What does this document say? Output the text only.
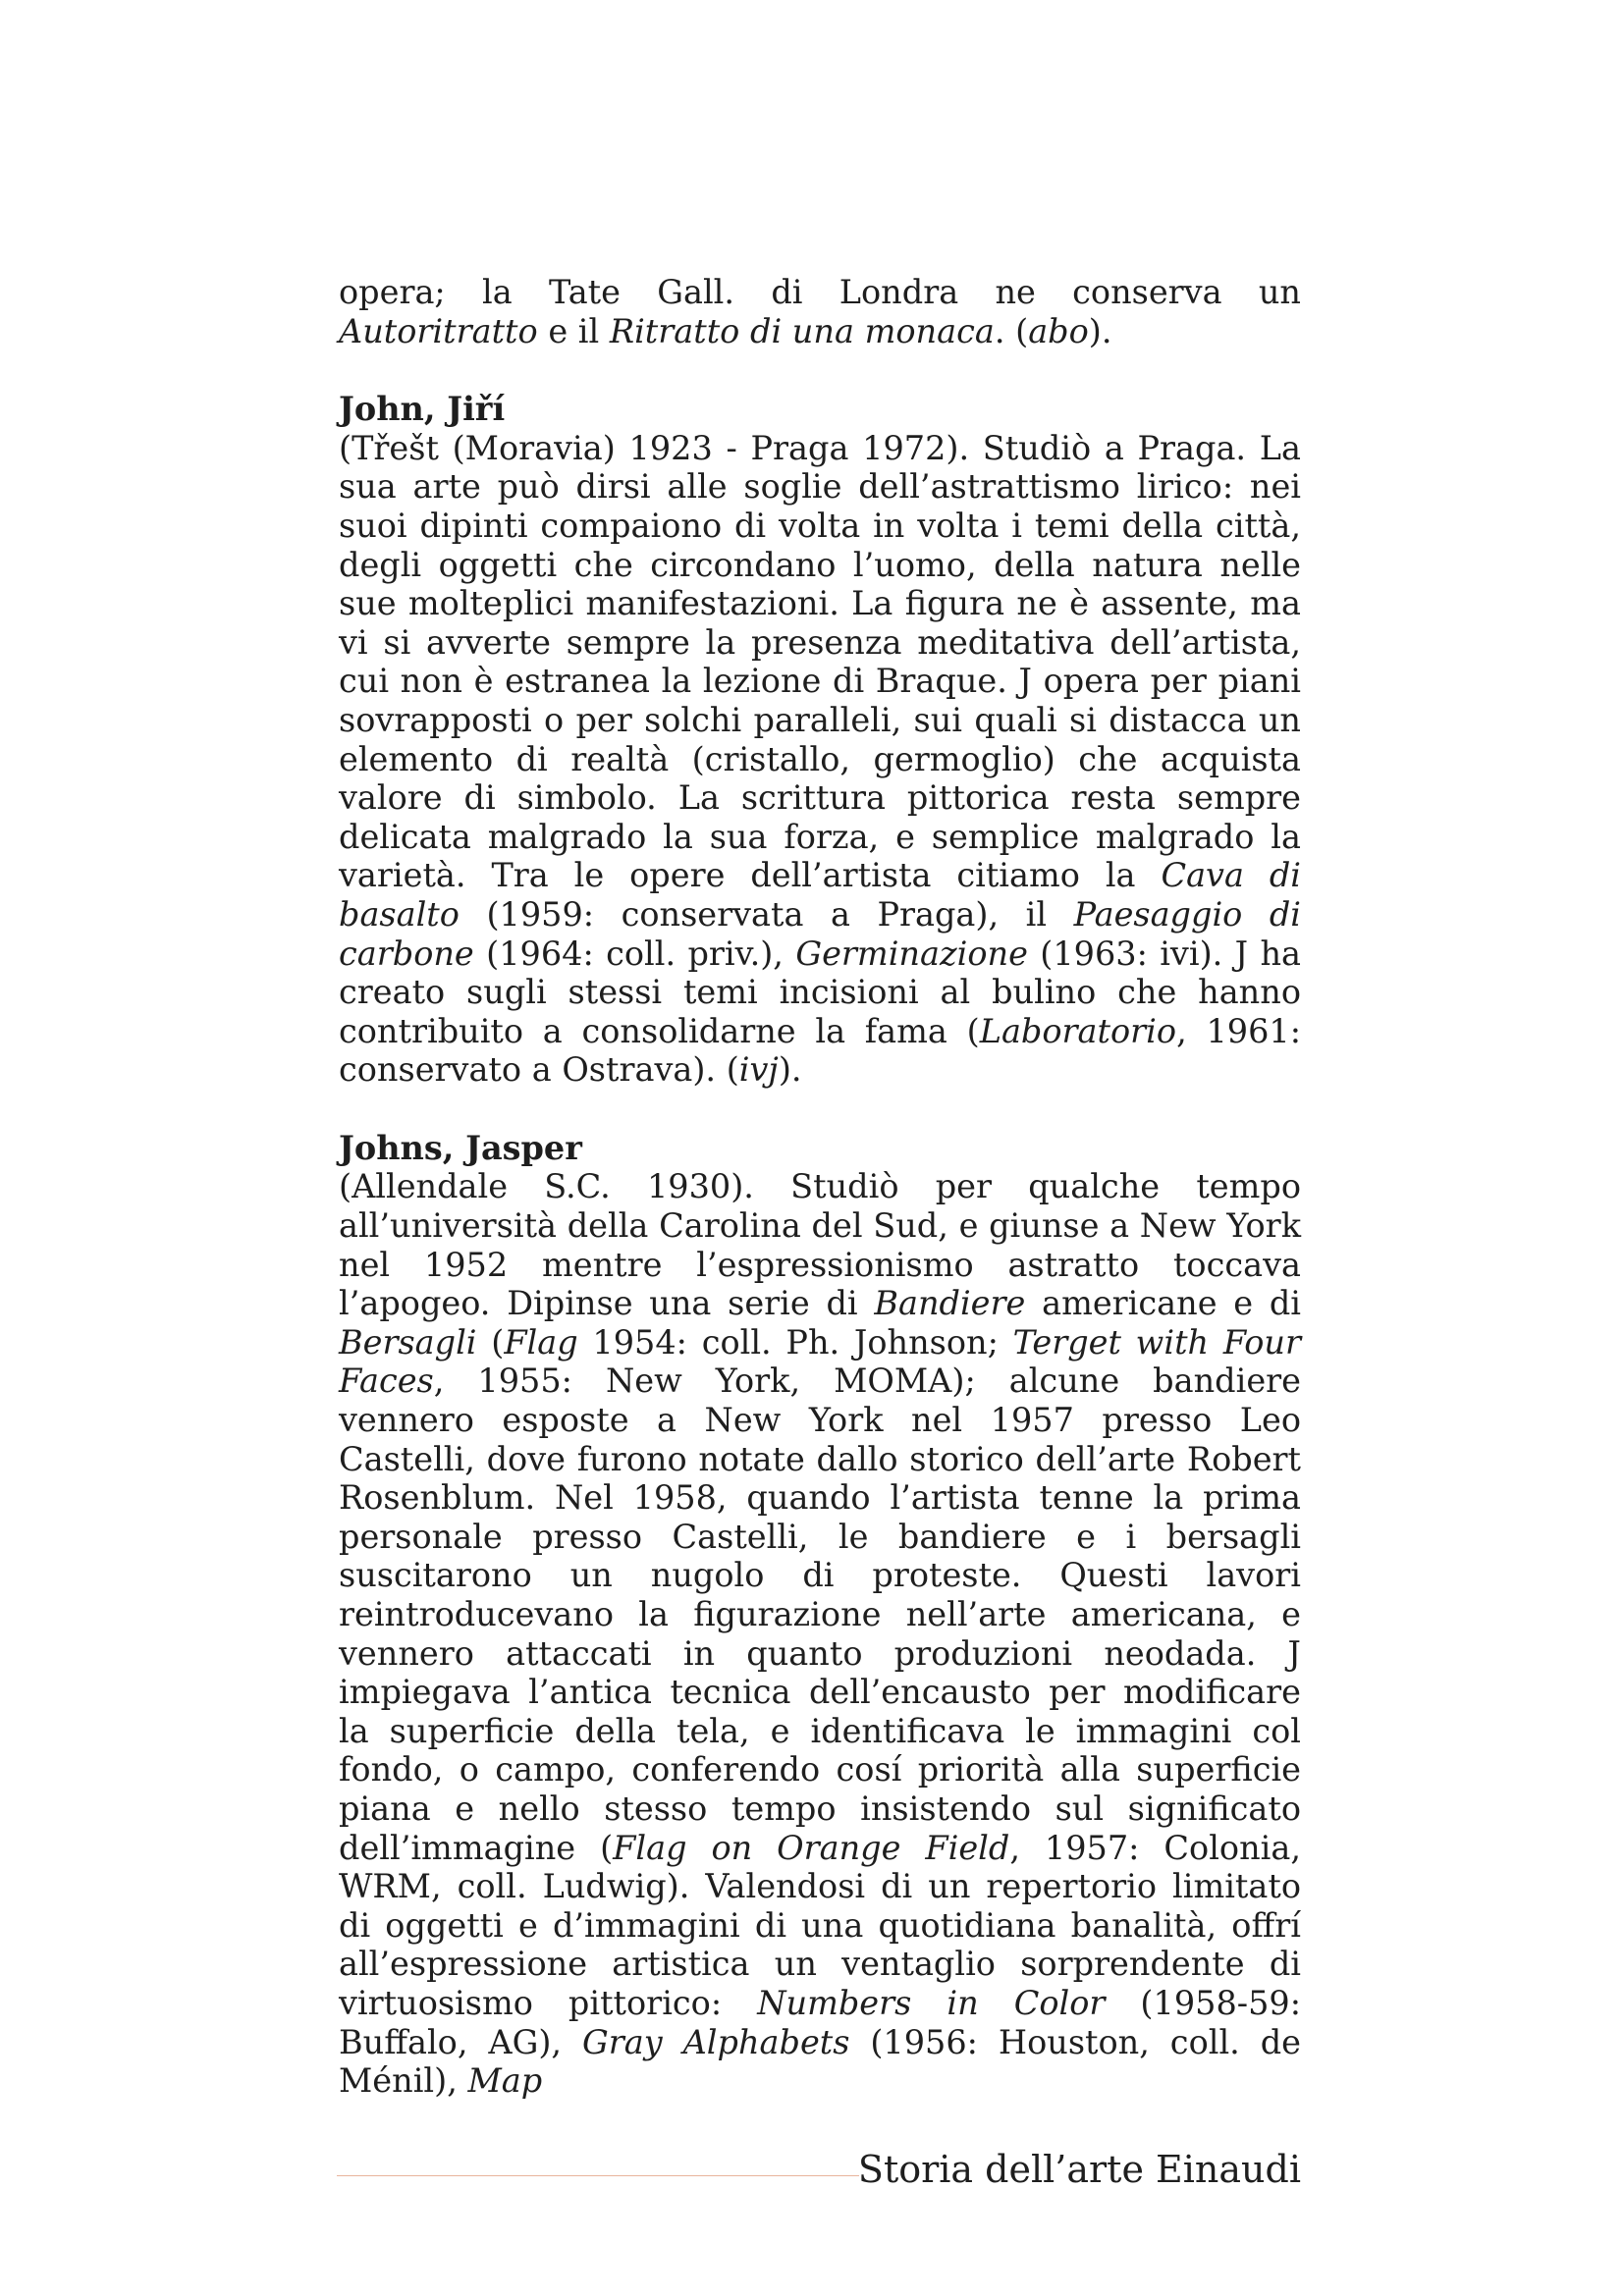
opera; la Tate Gall. di Londra ne conserva un Autoritratto e il Ritratto di una monaca. (abo).

John, Jiří

(Třešt (Moravia) 1923 - Praga 1972). Studiò a Praga. La sua arte può dirsi alle soglie dell’astrattismo lirico: nei suoi dipinti compaiono di volta in volta i temi della città, degli oggetti che circondano l’uomo, della natura nelle sue molteplici manifestazioni. La figura ne è assente, ma vi si avverte sempre la presenza meditativa dell’artista, cui non è estranea la lezione di Braque. J opera per piani sovrapposti o per solchi paralleli, sui quali si distacca un elemento di realtà (cristallo, germoglio) che acquista valore di simbolo. La scrittura pittorica resta sempre delicata malgrado la sua forza, e semplice malgrado la varietà. Tra le opere dell’artista citiamo la Cava di basalto (1959: conservata a Praga), il Paesaggio di carbone (1964: coll. priv.), Germinazione (1963: ivi). J ha creato sugli stessi temi incisioni al bulino che hanno contribuito a consolidarne la fama (Laboratorio, 1961: conservato a Ostrava). (ivj).

Johns, Jasper

(Allendale S.C. 1930). Studiò per qualche tempo all’università della Carolina del Sud, e giunse a New York nel 1952 mentre l’espressionismo astratto toccava l’apogeo. Dipinse una serie di Bandiere americane e di Bersagli (Flag 1954: coll. Ph. Johnson; Terget with Four Faces, 1955: New York, MOMA); alcune bandiere vennero esposte a New York nel 1957 presso Leo Castelli, dove furono notate dallo storico dell’arte Robert Rosenblum. Nel 1958, quando l’artista tenne la prima personale presso Castelli, le bandiere e i bersagli suscitarono un nugolo di proteste. Questi lavori reintroducevano la figurazione nell’arte americana, e vennero attaccati in quanto produzioni neodada. J impiegava l’antica tecnica dell’encausto per modificare la superficie della tela, e identificava le immagini col fondo, o campo, conferendo cosí priorità alla superficie piana e nello stesso tempo insistendo sul significato dell’immagine (Flag on Orange Field, 1957: Colonia, WRM, coll. Ludwig). Valendosi di un repertorio limitato di oggetti e d’immagini di una quotidiana banalità, offrí all’espressione artistica un ventaglio sorprendente di virtuosismo pittorico: Numbers in Color (1958-59: Buffalo, AG), Gray Alphabets (1956: Houston, coll. de Ménil), Map

Storia dell’arte Einaudi
